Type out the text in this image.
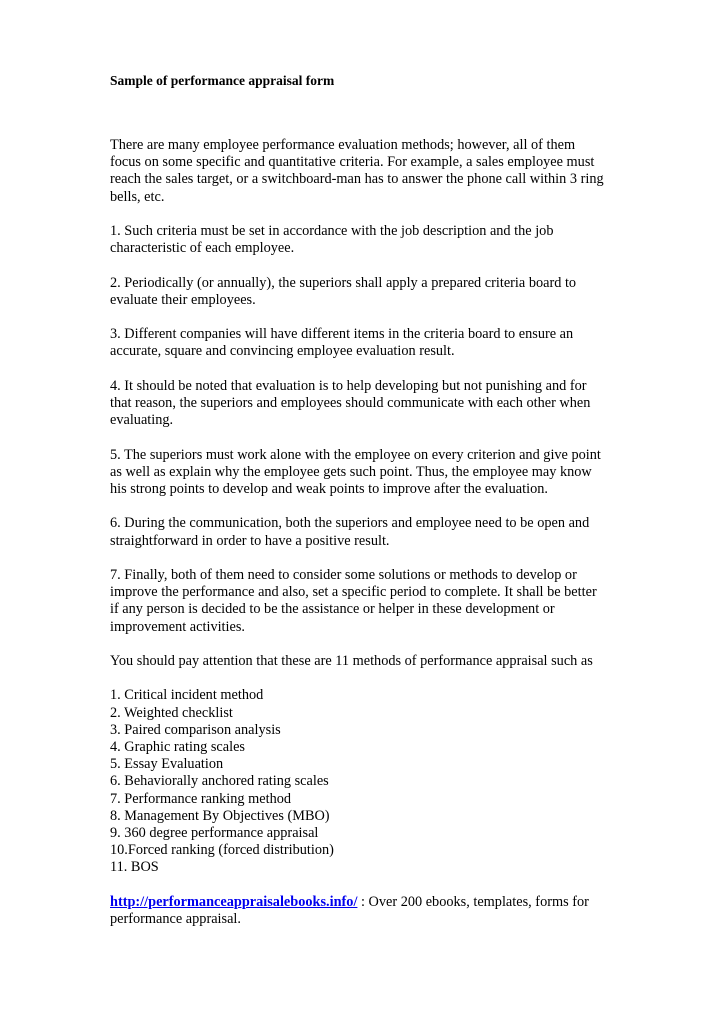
Sample of performance appraisal form
There are many employee performance evaluation methods; however, all of them
focus on some specific and quantitative criteria. For example, a sales employee must
reach the sales target, or a switchboard-man has to answer the phone call within 3 ring
bells, etc.
1. Such criteria must be set in accordance with the job description and the job
characteristic of each employee.
2. Periodically (or annually), the superiors shall apply a prepared criteria board to
evaluate their employees.
3. Different companies will have different items in the criteria board to ensure an
accurate, square and convincing employee evaluation result.
4. It should be noted that evaluation is to help developing but not punishing and for
that reason, the superiors and employees should communicate with each other when
evaluating.
5. The superiors must work alone with the employee on every criterion and give point
as well as explain why the employee gets such point. Thus, the employee may know
his strong points to develop and weak points to improve after the evaluation.
6. During the communication, both the superiors and employee need to be open and
straightforward in order to have a positive result.
7. Finally, both of them need to consider some solutions or methods to develop or
improve the performance and also, set a specific period to complete. It shall be better
if any person is decided to be the assistance or helper in these development or
improvement activities.
You should pay attention that these are 11 methods of performance appraisal such as
1. Critical incident method
2. Weighted checklist
3. Paired comparison analysis
4. Graphic rating scales
5. Essay Evaluation
6. Behaviorally anchored rating scales
7. Performance ranking method
8. Management By Objectives (MBO)
9. 360 degree performance appraisal
10.Forced ranking (forced distribution)
11. BOS
http://performanceappraisalebooks.info/ : Over 200 ebooks, templates, forms for
performance appraisal.
